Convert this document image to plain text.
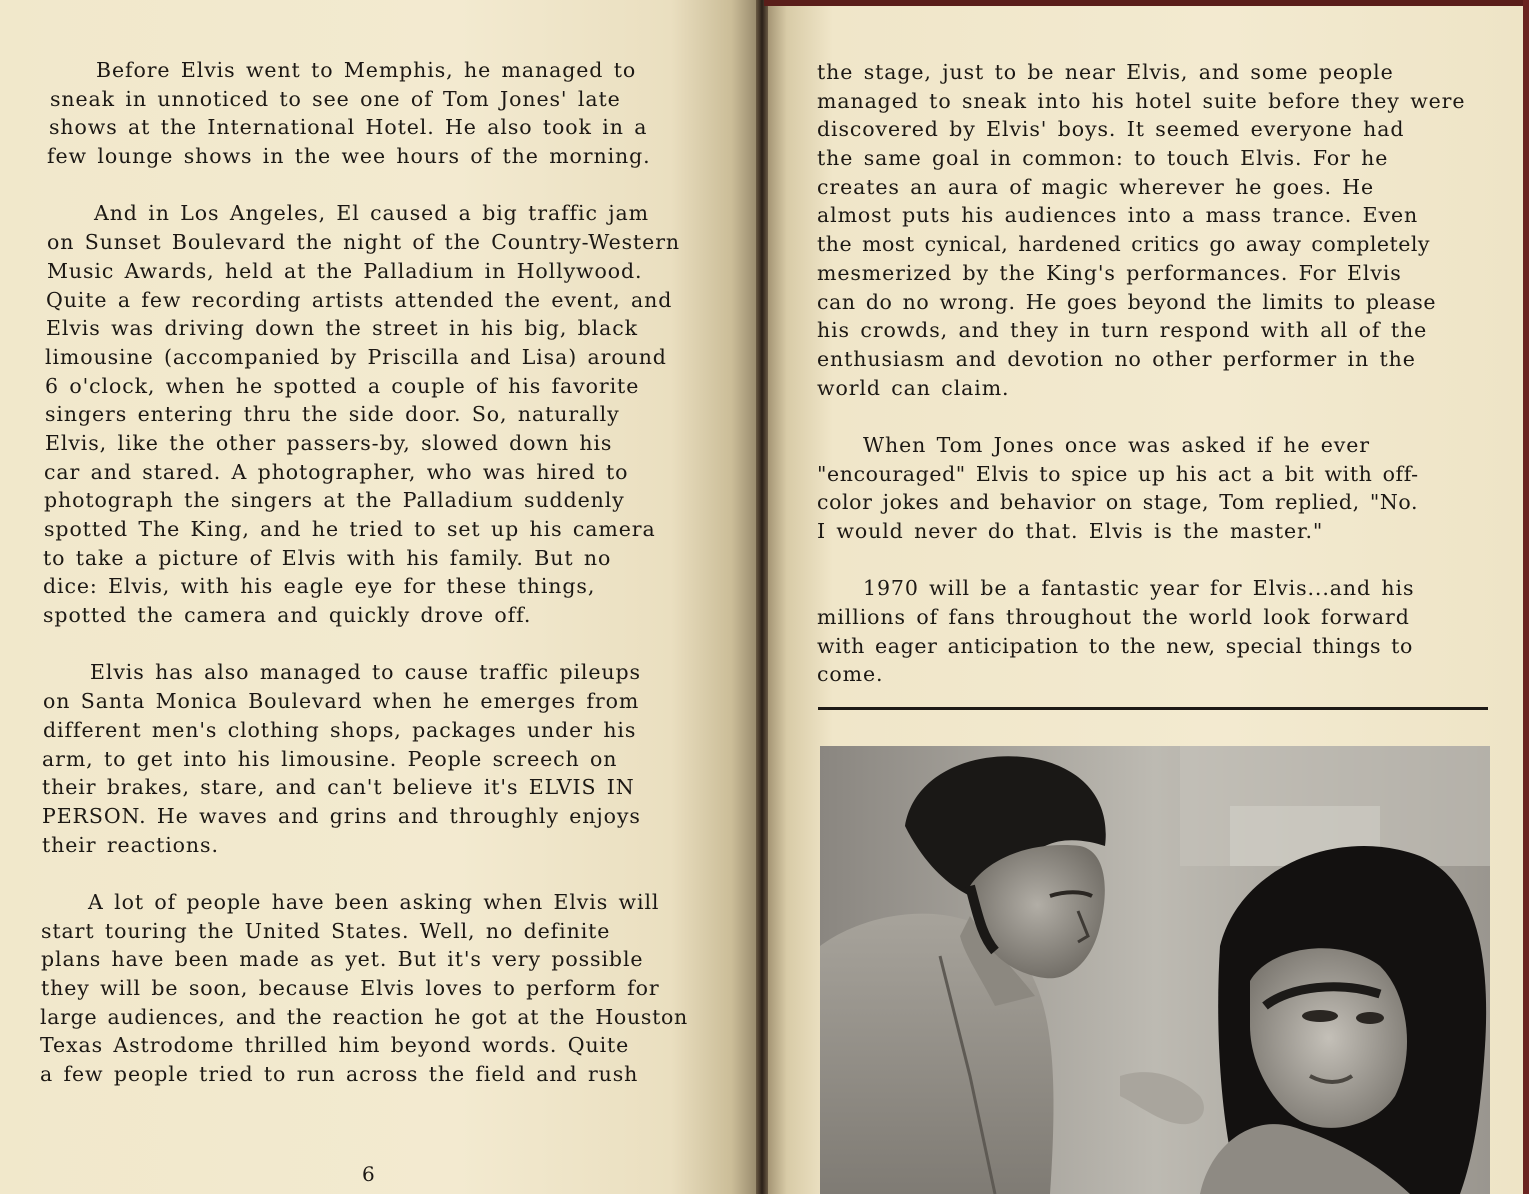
Before Elvis went to Memphis, he managed to
sneak in unnoticed to see one of Tom Jones' late
shows at the International Hotel. He also took in a
few lounge shows in the wee hours of the morning.
And in Los Angeles, El caused a big traffic jam
on Sunset Boulevard the night of the Country-Western
Music Awards, held at the Palladium in Hollywood.
Quite a few recording artists attended the event, and
Elvis was driving down the street in his big, black
limousine (accompanied by Priscilla and Lisa) around
6 o'clock, when he spotted a couple of his favorite
singers entering thru the side door. So, naturally
Elvis, like the other passers-by, slowed down his
car and stared. A photographer, who was hired to
photograph the singers at the Palladium suddenly
spotted The King, and he tried to set up his camera
to take a picture of Elvis with his family. But no
dice: Elvis, with his eagle eye for these things,
spotted the camera and quickly drove off.
Elvis has also managed to cause traffic pileups
on Santa Monica Boulevard when he emerges from
different men's clothing shops, packages under his
arm, to get into his limousine. People screech on
their brakes, stare, and can't believe it's ELVIS IN
PERSON. He waves and grins and throughly enjoys
their reactions.
A lot of people have been asking when Elvis will
start touring the United States. Well, no definite
plans have been made as yet. But it's very possible
they will be soon, because Elvis loves to perform for
large audiences, and the reaction he got at the Houston
Texas Astrodome thrilled him beyond words. Quite
a few people tried to run across the field and rush
6
the stage, just to be near Elvis, and some people
managed to sneak into his hotel suite before they were
discovered by Elvis' boys. It seemed everyone had
the same goal in common: to touch Elvis. For he
creates an aura of magic wherever he goes. He
almost puts his audiences into a mass trance. Even
the most cynical, hardened critics go away completely
mesmerized by the King's performances. For Elvis
can do no wrong. He goes beyond the limits to please
his crowds, and they in turn respond with all of the
enthusiasm and devotion no other performer in the
world can claim.
When Tom Jones once was asked if he ever
"encouraged" Elvis to spice up his act a bit with off-
color jokes and behavior on stage, Tom replied, "No.
I would never do that. Elvis is the master."
1970 will be a fantastic year for Elvis...and his
millions of fans throughout the world look forward
with eager anticipation to the new, special things to
come.
